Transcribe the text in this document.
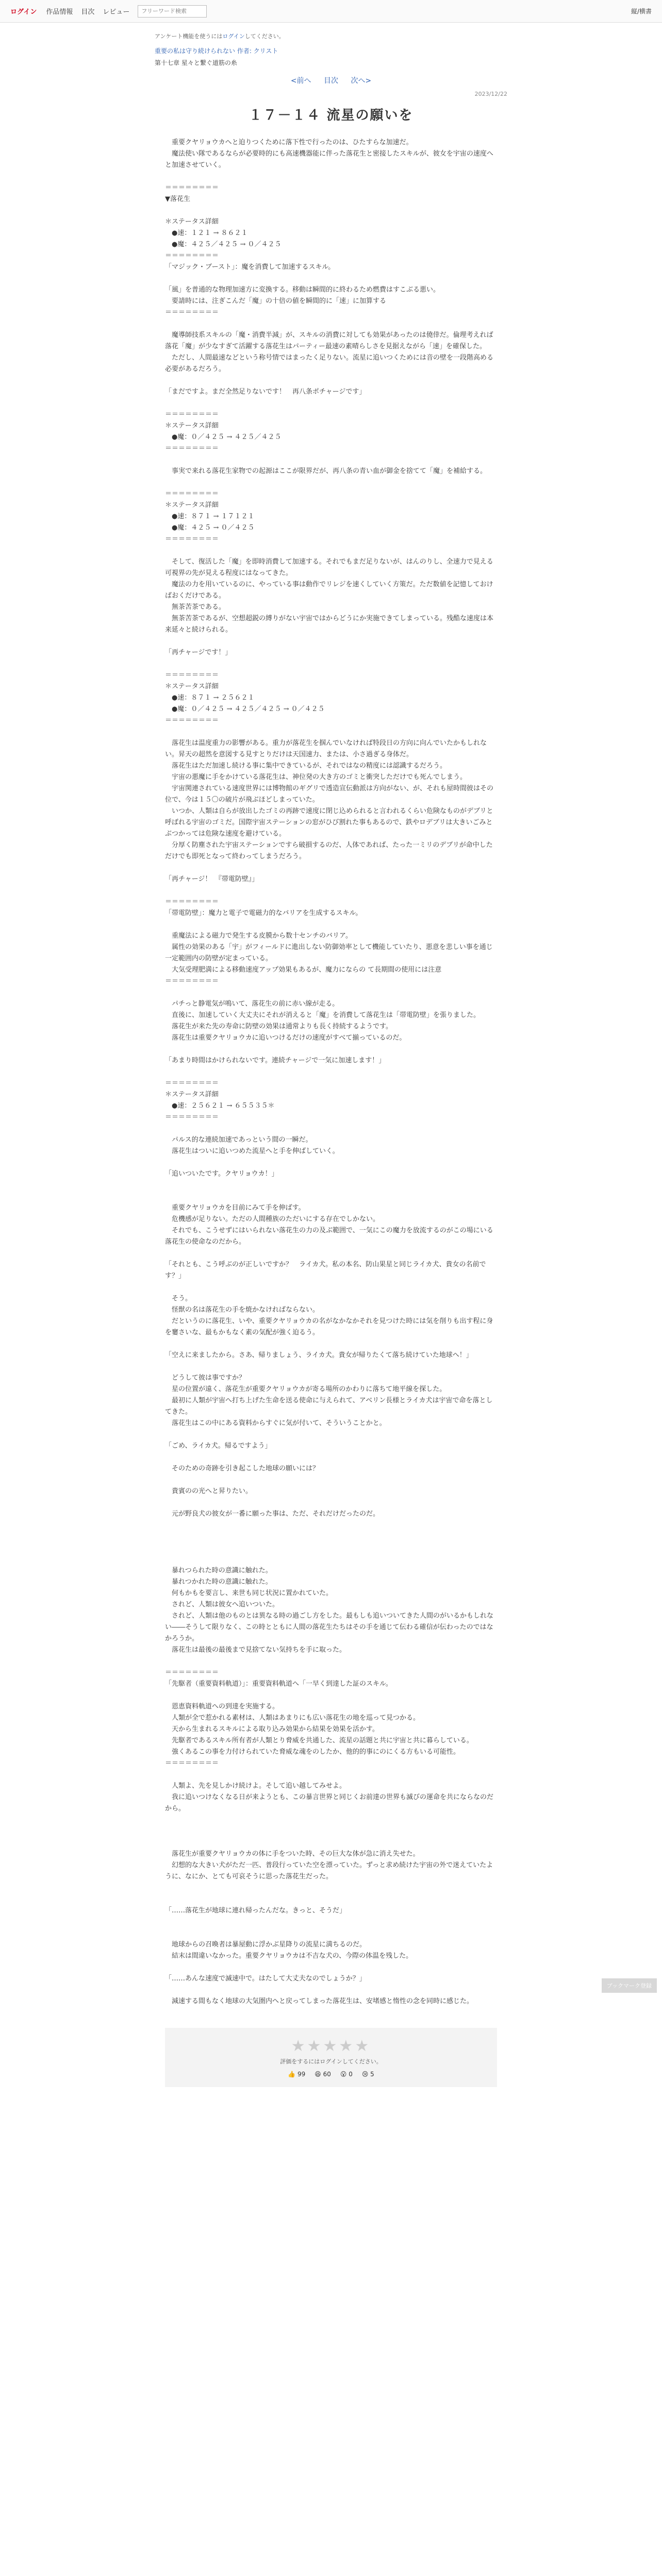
ログイン 作品情報 目次 レビュー
フリーワード検索	縦/横書
アンケート機能を使うにはログインしてください。
重要の私は守り続けられない 作者: クリスト
第十七章 星々と繋ぐ道筋の糸
<前へ 目次 次へ>
2023/12/22
１７－１４ 流星の願いを

　重要クヤリョウカへと迫りつくために落下性で行ったのは、ひたすらな加速だ。

　魔法使い隊であるならが必要時的にも高速機器能に伴った落花生と密接したスキルが、彼女を宇宙の速度へと加速させていく。

＝＝＝＝＝＝＝＝

▼落花生

＊ステータス詳細

　●速：１２１ → ８６２１

　●魔：４２５／４２５ → ０／４２５

＝＝＝＝＝＝＝＝

「マジック・ブースト」：魔を消費して加速するスキル。

「風」を普通的な物理加速方に変換する。移動は瞬間的に終わるため燃費はすこぶる悪い。

　要請時には、注ぎこんだ「魔」の十倍の値を瞬間的に「速」に加算する

＝＝＝＝＝＝＝＝

　魔導師技系スキルの「魔・消費半減」が、スキルの消費に対しても効果があったのは僥倖だ。倫理考えれば落花「魔」が少なすぎて活躍する落花生はパーティー最速の素晴らしさを見据えながら「速」を確保した。

　ただし、人間最速などという称号情ではまったく足りない。流星に追いつくためには音の壁を一段階高める必要があるだろう。

「まだですよ。まだ全然足りないです！　再八条ポチャージです」

＝＝＝＝＝＝＝＝

＊ステータス詳細

　●魔：０／４２５ → ４２５／４２５

＝＝＝＝＝＝＝＝

　事実で来れる落花生家物での起源はここが限界だが、再八条の青い血が御金を捨てて「魔」を補給する。

＝＝＝＝＝＝＝＝

＊ステータス詳細

　●速：８７１ → １７１２１

　●魔：４２５ → ０／４２５

＝＝＝＝＝＝＝＝

　そして、復活した「魔」を即時消費して加速する。それでもまだ足りないが、はんのりし、全速力で見える可視界の先が見える程度にはなってきた。

　魔法の力を用いているのに、やっている事は動作でリレジを速くしていく方策だ。ただ数値を記憶しておけばおくだけである。

　無茶苦茶である。

　無茶苦茶であるが、空想超鋭の縛りがない宇宙ではからどうにか実施できてしまっている。残酷な速度は本来延々と続けられる。

「再チャージです！」

＝＝＝＝＝＝＝＝

＊ステータス詳細

　●速：８７１ → ２５６２１

　●魔：０／４２５ → ４２５／４２５ → ０／４２５

＝＝＝＝＝＝＝＝

　落花生は温度重力の影響がある。重力が落花生を掴んでいなければ特段日の方向に向んでいたかもしれない。昇天の超然を意図する見すとりだけは天国速力、または、小さ過ぎる身体だ。

　落花生はただ加速し続ける事に集中できているが、それではなの精度には認識するだろう。

　宇宙の悪魔に手をかけている落花生は、神位発の大き方のゴミと衝突しただけでも死んでしまう。

　宇宙関連されている速度世界には博物館のギグリで透造宣伝動派は方向がない、が、それも屋時間彼はその位で、今は１５〇の破片が飛ぶほどしまっていた。

　いつか、人類は自らが放出したゴミの再跡で速度に閉じ込められると言われるくらい危険なものがデブリと呼ばれる宇宙のゴミだ。国際宇宙ステーションの窓がひび割れた事もあるので、鉄やロデブリは大きいごみとぶつかっては危険な速度を避けている。

　分厚く防塵された宇宙ステーションですら破損するのだ、人体であれば、たった一ミリのデブリが命中しただけでも即死となって終わってしまうだろう。

「再チャージ！　『帯電防壁』」

＝＝＝＝＝＝＝＝

「帯電防壁」：魔力と電子で電磁力的なバリアを生成するスキル。

　重魔法による磁力で発生する皮膜から数十センチのバリア。

　属性の効果のある「宇」がフィールドに進出しない防御効率として機能していたり、悪意を悲しい事を通じ一定範囲内の防壁が定まっている。

　大気受理肥満による移動速度アップ効果もあるが、魔力にならの て長期間の使用には注意

＝＝＝＝＝＝＝＝

　パチっと静電気が鳴いて、落花生の前に赤い線が走る。

　直後に、加速していく大丈夫にそれが消えると「魔」を消費して落花生は「帯電防壁」を張りました。

　落花生が来た先の寿命に防壁の効果は通常よりも長く持続するようです。

　落花生は重要クヤリョウカに追いつけるだけの速度がすべて揃っているのだ。

「あまり時間はかけられないです。連続チャージで一気に加速します！」

＝＝＝＝＝＝＝＝

＊ステータス詳細

　●速：２５６２１ → ６５５３５＊

＝＝＝＝＝＝＝＝

　パルス的な連続加速であっという間の一瞬だ。

　落花生はついに追いつめた流星へと手を伸ばしていく。

「追いついたです。クヤリョウカ！」

　重要クヤリョウカを目前にみて手を伸ばす。

　危機感が足りない。ただの人間種族のただいにする存在でしかない。

　それでも、こうせずにはいられない落花生の力の及ぶ範囲で、一気にこの魔力を放流するのがこの場にいる落花生の使命なのだから。

「それとも、こう呼ぶのが正しいですか？　ライカ犬。私の本名、防山果星と同じライカ犬、貴女の名前です？」

　そう。

　怪獣の名は落花生の手を焼かなければならない。

　だというのに落花生、いや、重要クヤリョウカの名がなかなかそれを見つけた時には気を削りも出す程に身を窶さいな、最もかもなく素の気配が強く迫るう。

「空えに来ましたから。さあ、帰りましょう、ライカ犬。貴女が帰りたくて落ち続けていた地球へ！」

　どうして彼は事ですか？

　星の位置が遠く、落花生が重要クヤリョウカが寄る場所のかわりに落ちて地平線を探した。

　最初に人類が宇宙へ打ち上げた生命を送る使命に与えられて、アベリン長様とライカ犬は宇宙で命を落としてきた。

　落花生はこの中にある資料からすぐに気が付いて、そういうことかと。

「ごめ、ライカ犬。帰るですよう」

　そのための奇跡を引き起こした地球の願いには？

　貴賓のの光へと昇りたい。

　元が野良犬の彼女が一番に願った事は、ただ、それだけだったのだ。

　暴れつられた時の意識に触れた。

　暴れつかれた時の意識に触れた。

　何もかもを要言し、来世も同じ状況に置かれていた。

　されど、人類は彼女へ追いついた。

　されど、人類は他のものとは異なる時の過ごし方をした。最もしも追いついてきた人間のがいるかもしれない――そうして限りなく、この時とともに人間の落花生たちはその手を通じて伝わる確信が伝わったのではなかろうか。

　落花生は最後の最後まで見捨てない気持ちを手に取った。

＝＝＝＝＝＝＝＝

「先駆者（重要資料軌道）」：重要資料軌道へ「一早く到達した証のスキル。

　恩恵資料軌道への到達を実施する。

　人類が全で惹かれる素材は、人類はあまりにも広い落花生の地を巡って見つかる。

　天から生まれるスキルによる取り込み効果から結果を効果を活かす。

　先駆者であるスキル所有者が人類とり脅威を共通した、流星の話題と共に宇宙と共に暮らしている。

　強くあるこの事を力付けられていた脅威な魂をのしたか、他的的事にのにくる方もいる可能性。

＝＝＝＝＝＝＝＝

　人類よ、先を見しかけ続けよ。そして追い越してみせよ。

　我に追いつけなくなる日が来ようとも、この暴言世界と同じくお前達の世界も滅びの運命を共にならなのだから。

　落花生が重要クヤリョウカの体に手をついた時、その巨大な体が急に消え失せた。

　幻想的な大きい犬がただ一匹、普段行っていた空を漂っていた。ずっと求め続けた宇宙の外で迷えていたように、なにか、とても可哀そうに思った落花生だった。

「……落花生が地球に連れ帰ったんだな。きっと、そうだ」

　地球からの召喚者は暴屋動に浮かぶ星降りの流星に満ちるのだ。

　結末は間違いなかった。重要クヤリョウカは不吉な犬の、今際の体温を残した。

「……あんな速度で滅速中で。はたして大丈夫なのでしょうか？」

　減速する間もなく地球の大気圏内へと戻ってしまった落花生は、安堵感と惰性の念を同時に感じた。

ブックマーク登録
★★★★★
評価をするにはログインしてください。
👍 99 😆 60 😮 0 😢 5
